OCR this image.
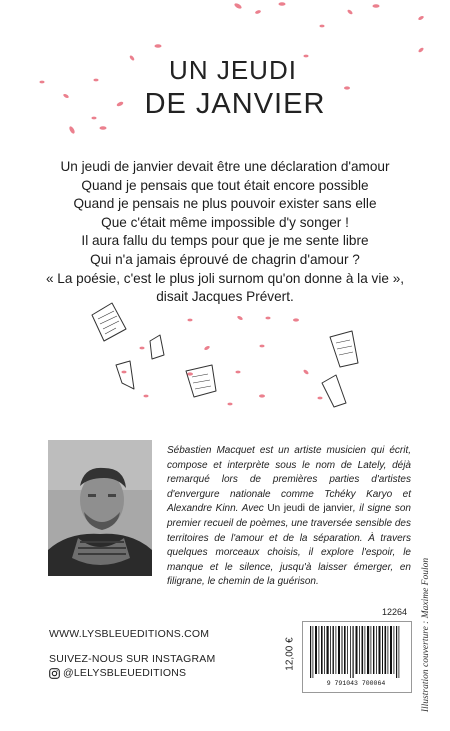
UN JEUDI
DE JANVIER
Un jeudi de janvier devait être une déclaration d'amour
Quand je pensais que tout était encore possible
Quand je pensais ne plus pouvoir exister sans elle
Que c'était même impossible d'y songer !
Il aura fallu du temps pour que je me sente libre
Qui n'a jamais éprouvé de chagrin d'amour ?
« La poésie, c'est le plus joli surnom qu'on donne à la vie »,
disait Jacques Prévert.

Sébastien Macquet est un artiste musicien qui écrit, compose et interprète sous le nom de Lately, déjà remarqué lors de premières parties d'artistes d'envergure nationale comme Tchéky Karyo et Alexandre Kinn. Avec Un jeudi de janvier, il signe son premier recueil de poèmes, une traversée sensible des territoires de l'amour et de la séparation. À travers quelques morceaux choisis, il explore l'espoir, le manque et le silence, jusqu'à laisser émerger, en filigrane, le chemin de la guérison.	Illustration couverture : Maxime Foulon
WWW.LYSBLEUEDITIONS.COM
SUIVEZ-NOUS SUR INSTAGRAM
@LELYSBLEUEDITIONS
12264
12,00 €
9 791043 700064
